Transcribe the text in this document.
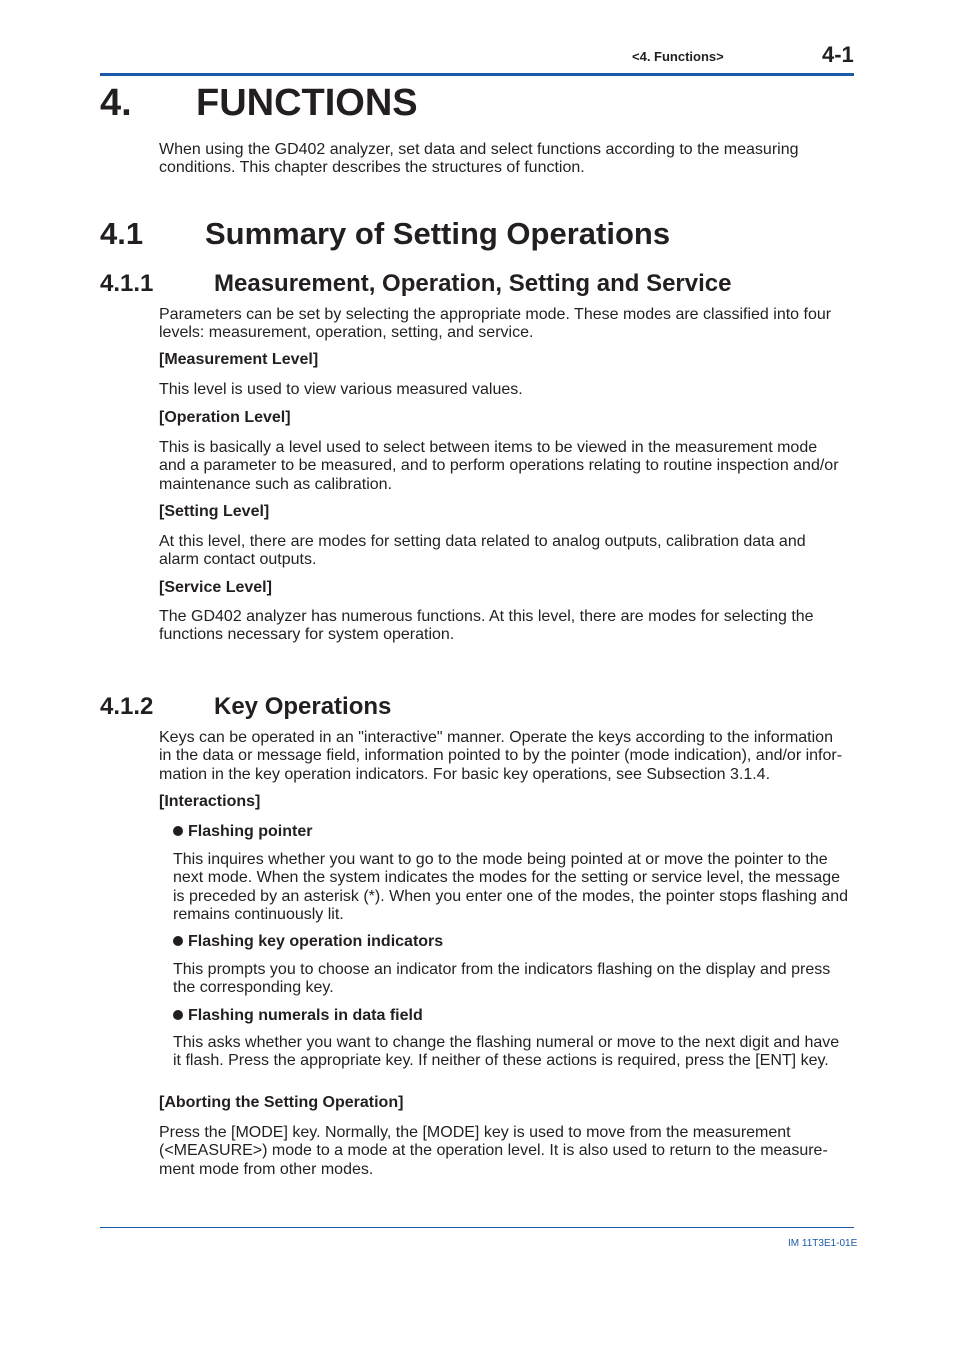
<4. Functions>	4-1
4. FUNCTIONS
When using the GD402 analyzer, set data and select functions according to the measuring
conditions. This chapter describes the structures of function.
4.1 Summary of Setting Operations
4.1.1	Measurement, Operation, Setting and Service
Parameters can be set by selecting the appropriate mode. These modes are classified into four
levels: measurement, operation, setting, and service.
[Measurement Level]
This level is used to view various measured values.
[Operation Level]
This is basically a level used to select between items to be viewed in the measurement mode
and a parameter to be measured, and to perform operations relating to routine inspection and/or
maintenance such as calibration.
[Setting Level]
At this level, there are modes for setting data related to analog outputs, calibration data and
alarm contact outputs.
[Service Level]
The GD402 analyzer has numerous functions. At this level, there are modes for selecting the
functions necessary for system operation.
4.1.2	Key Operations
Keys can be operated in an "interactive" manner. Operate the keys according to the information
in the data or message field, information pointed to by the pointer (mode indication), and/or infor-
mation in the key operation indicators. For basic key operations, see Subsection 3.1.4.
[Interactions]
Flashing pointer
This inquires whether you want to go to the mode being pointed at or move the pointer to the
next mode. When the system indicates the modes for the setting or service level, the message
is preceded by an asterisk (*). When you enter one of the modes, the pointer stops flashing and
remains continuously lit.
Flashing key operation indicators
This prompts you to choose an indicator from the indicators flashing on the display and press
the corresponding key.
Flashing numerals in data field
This asks whether you want to change the flashing numeral or move to the next digit and have
it flash. Press the appropriate key. If neither of these actions is required, press the [ENT] key.
[Aborting the Setting Operation]
Press the [MODE] key. Normally, the [MODE] key is used to move from the measurement
(<MEASURE>) mode to a mode at the operation level. It is also used to return to the measure-
ment mode from other modes.
IM 11T3E1-01E
